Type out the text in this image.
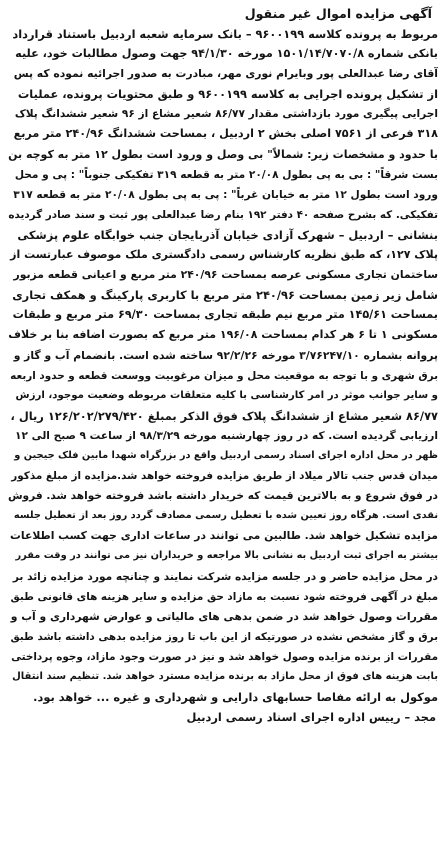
آگهی مزایده اموال غیر منقول
مربوط به پرونده کلاسه ۹۶۰۰۱۹۹ – بانک سرمایه شعبه اردبیل باستناد قرارداد
بانکی شماره ۱۵۰۱/۱۴/۷۰۷۰/۸ مورخه ۹۴/۱/۳۰ جهت وصول مطالبات خود، علیه
آقای رضا عبدالعلی پور وبایرام نوری مهر، مبادرت به صدور اجرائیه نموده که پس
از تشکیل پرونده اجرایی به کلاسه ۹۶۰۰۱۹۹ و طبق محتویات پرونده، عملیات
اجرایی پیگیری مورد بازداشتی مقدار ۸۶/۷۷ شعیر مشاع از ۹۶ شعیر ششدانگ پلاک
۳۱۸ فرعی از ۷۵۶۱ اصلی بخش ۲ اردبیل ، بمساحت ششدانگ ۲۴۰/۹۶ متر مربع
با حدود و مشخصات زیر: شمالاً" بی وصل و ورود است بطول ۱۲ متر به کوچه بن
بست شرقاً" : بی به پی بطول ۲۰/۰۸ متر به قطعه ۳۱۹ تفکیکی جنوباً" : پی و محل
ورود است بطول ۱۲ متر به خیابان غرباً" : پی به پی بطول ۲۰/۰۸ متر به قطعه ۳۱۷
تفکیکی. که بشرح صفحه ۴۰ دفتر ۱۹۲ بنام رضا عبدالعلی پور ثبت و سند صادر گردیده
بنشانی – اردبیل – شهرک آزادی خیابان آذربایجان جنب خوابگاه علوم پزشکی
پلاک ۱۲۷، که طبق نظریه کارشناس رسمی دادگستری ملک موصوف عبارتست از
ساختمان تجاری مسکونی عرصه بمساحت ۲۴۰/۹۶ متر مربع و اعیانی قطعه مزبور
شامل زیر زمین بمساحت ۲۴۰/۹۶ متر مربع با کاربری پارکینگ و همکف تجاری
بمساحت ۱۴۵/۶۱ متر مربع نیم طبقه تجاری بمساحت ۶۹/۳۰ متر مربع و طبقات
مسکونی ۱ تا ۶ هر کدام بمساحت ۱۹۶/۰۸ متر مربع که بصورت اضافه بنا بر خلاف
پروانه بشماره ۳/۷۶۲۴۷/۱۰ مورخه ۹۲/۲/۲۶ ساخته شده است. بانضمام آب و گاز و
برق شهری و با توجه به موقعیت محل و میزان مرغوبیت ووسعت قطعه و حدود اربعه
و سایر جوانب موثر در امر کارشناسی با کلیه متعلقات مربوطه وضعیت موجود، ارزش
۸۶/۷۷ شعیر مشاع از ششدانگ پلاک فوق الذکر بمبلغ ۱۲۶/۲۰۲/۲۷۹/۴۲۰ ریال ،
ارزیابی گردیده است. که در روز چهارشنبه مورخه ۹۸/۳/۲۹ از ساعت ۹ صبح الی ۱۲
ظهر در محل اداره اجرای اسناد رسمی اردبیل واقع در بزرگراه شهدا مابین فلک جیجین و
میدان قدس جنب تالار میلاد از طریق مزایده فروخته خواهد شد.مزایده از مبلغ مذکور
در فوق شروع و به بالاترین قیمت که خریدار داشته باشد فروخته خواهد شد. فروش
نقدی است. هرگاه روز تعیین شده با تعطیل رسمی مصادف گردد روز بعد از تعطیل جلسه
مزایده تشکیل خواهد شد. طالبین می توانند در ساعات اداری جهت کسب اطلاعات
بیشتر به اجرای ثبت اردبیل به نشانی بالا مراجعه و خریداران نیز می توانند در وقت مقرر
در محل مزایده حاضر و در جلسه مزایده شرکت نمایند و چنانچه مورد مزایده زائد بر
مبلغ در آگهی فروخته شود نسبت به مازاد حق مزایده و سایر هزینه های قانونی طبق
مقررات وصول خواهد شد در ضمن بدهی های مالیاتی و عوارض شهرداری و آب و
برق و گاز مشخص نشده در صورتیکه از این باب تا روز مزایده بدهی داشته باشد طبق
مقررات از برنده مزایده وصول خواهد شد و نیز در صورت وجود مازاد، وجوه پرداختی
بابت هزینه های فوق از محل مازاد به برنده مزایده مسترد خواهد شد. تنظیم سند انتقال
موکول به ارائه مفاصا حسابهای دارایی و شهرداری و غیره ... خواهد بود.

مجد – رییس اداره اجرای اسناد رسمی اردبیل
